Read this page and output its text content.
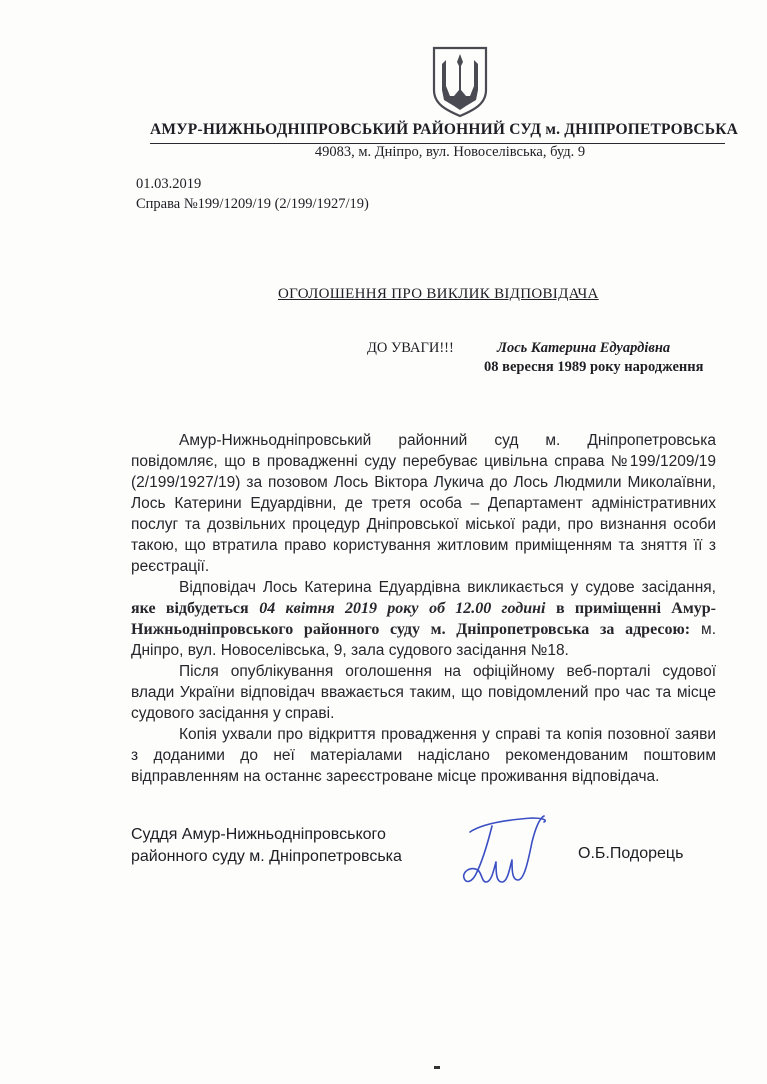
АМУР-НИЖНЬОДНІПРОВСЬКИЙ РАЙОННИЙ СУД м. ДНІПРОПЕТРОВСЬКА
49083, м. Дніпро, вул. Новоселівська, буд. 9
01.03.2019
Справа №199/1209/19 (2/199/1927/19)
ОГОЛОШЕННЯ ПРО ВИКЛИК ВІДПОВІДАЧА
ДО УВАГИ!!!	Лось Катерина Едуардівна
08 вересня 1989 року народження

Амур-Нижньодніпровський районний суд м. Дніпропетровська повідомляє, що в провадженні суду перебуває цивільна справа №199/1209/19 (2/199/1927/19) за позовом Лось Віктора Лукича до Лось Людмили Миколаївни, Лось Катерини Едуардівни, де третя особа – Департамент адміністративних послуг та дозвільних процедур Дніпровської міської ради, про визнання особи такою, що втратила право користування житловим приміщенням та зняття її з реєстрації.

Відповідач Лось Катерина Едуардівна викликається у судове засідання, яке відбудеться 04 квітня 2019 року об 12.00 годині в приміщенні Амур-Нижньодніпровського районного суду м. Дніпропетровська за адресою: м. Дніпро, вул. Новоселівська, 9, зала судового засідання №18.

Після опублікування оголошення на офіційному веб-порталі судової влади України відповідач вважається таким, що повідомлений про час та місце судового засідання у справі.

Копія ухвали про відкриття провадження у справі та копія позовної заяви з доданими до неї матеріалами надіслано рекомендованим поштовим відправленням на останнє зареєстроване місце проживання відповідача.

Суддя Амур-Нижньодніпровського
районного суду м. Дніпропетровська	О.Б.Подорець
